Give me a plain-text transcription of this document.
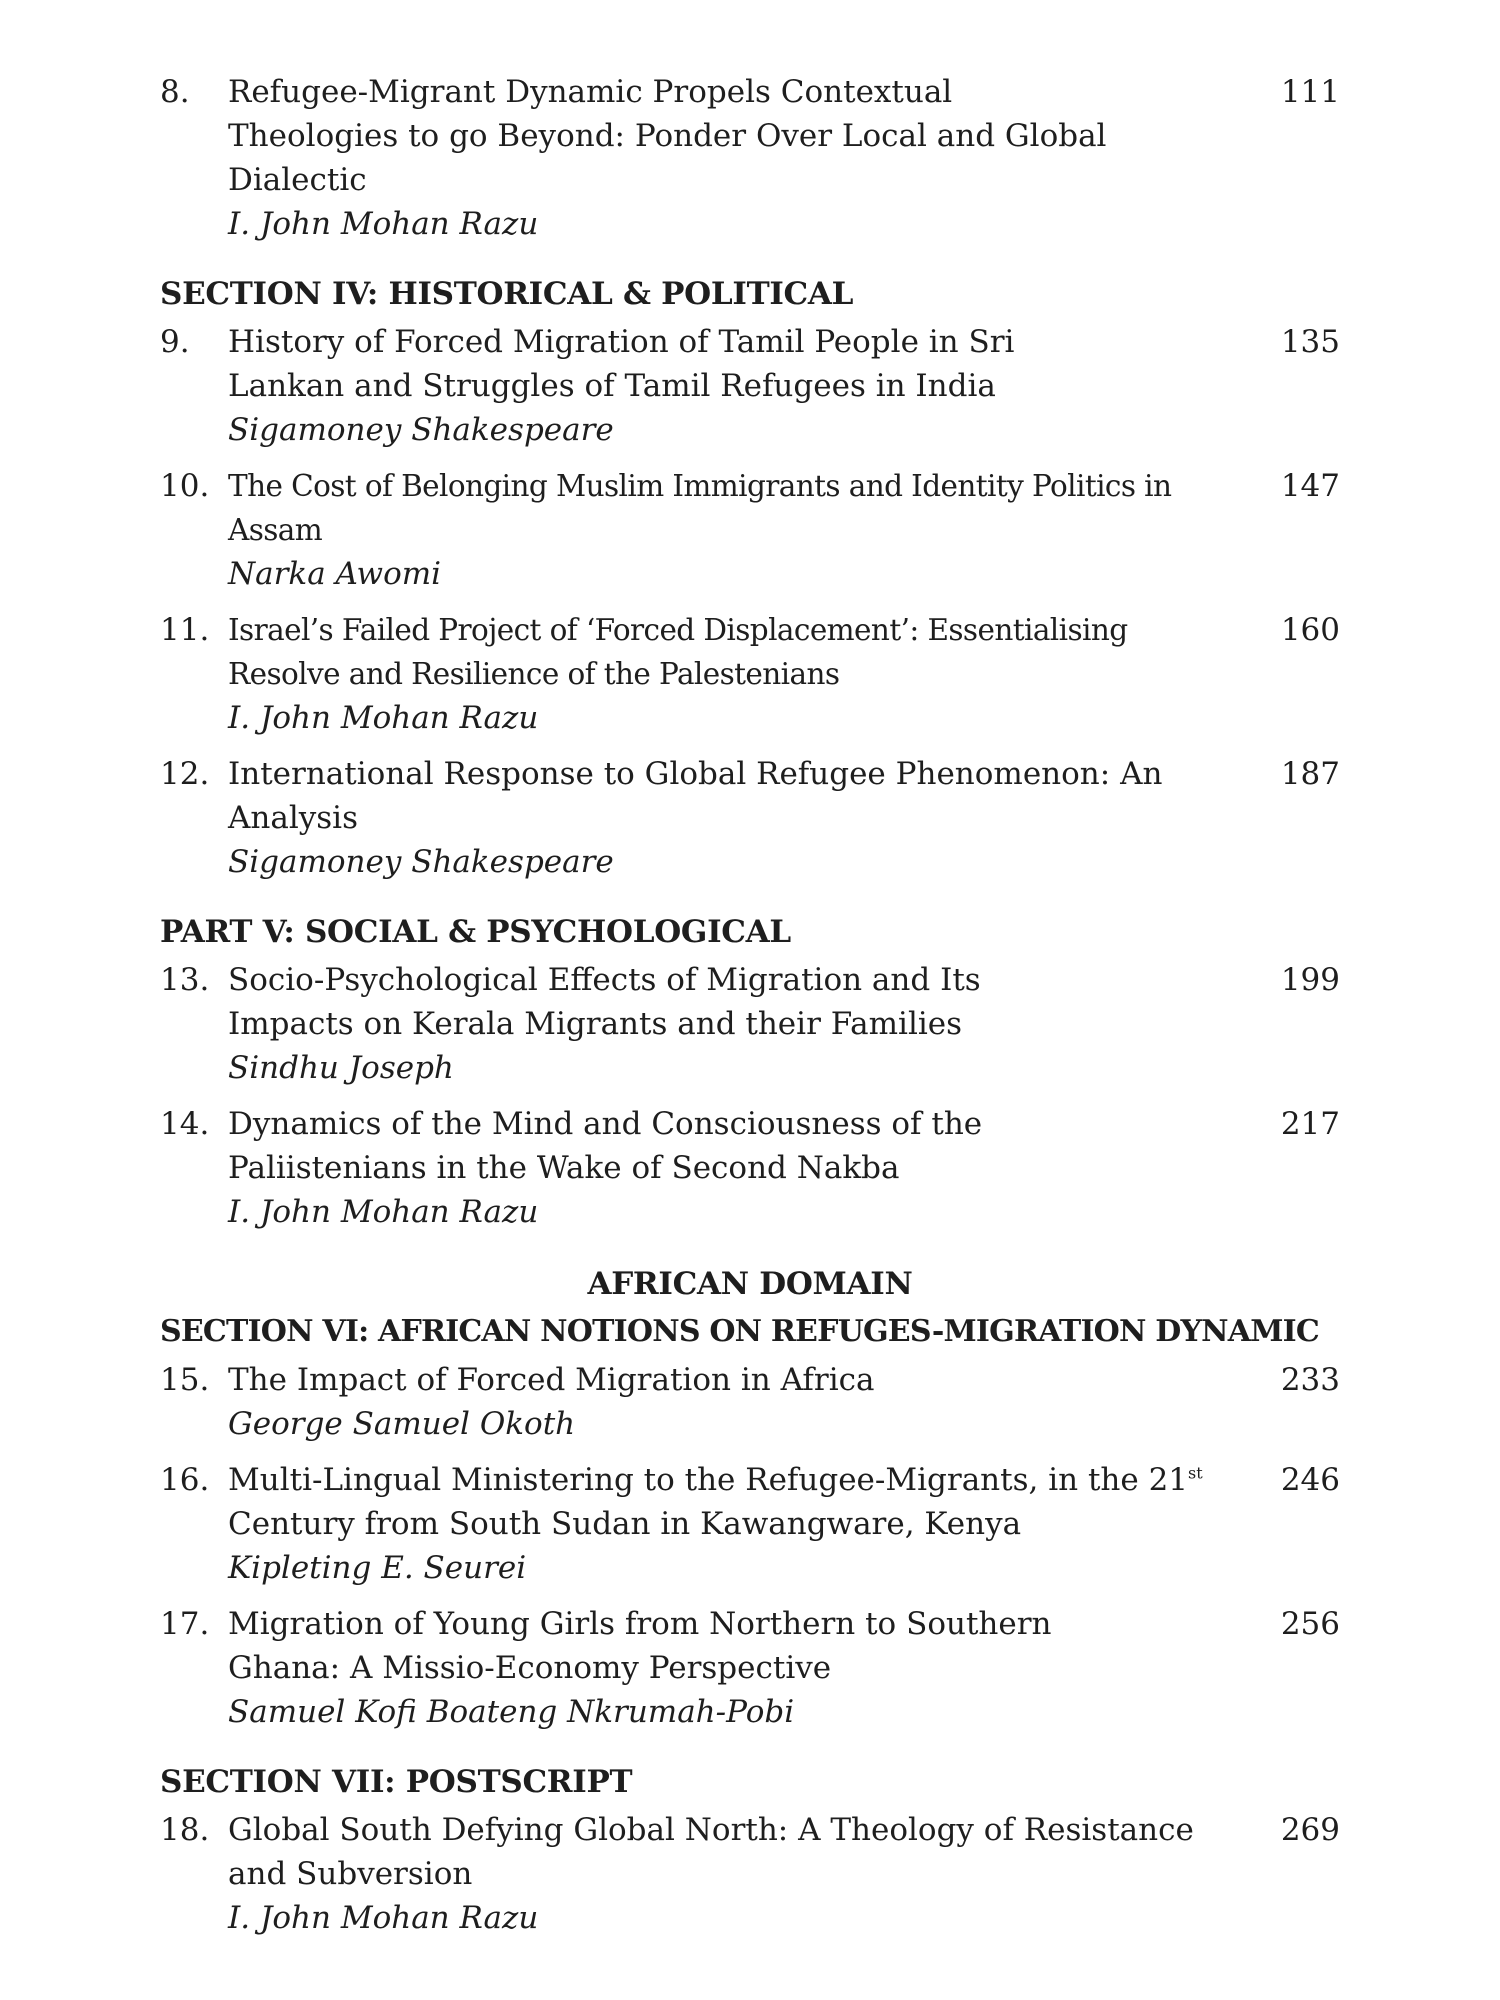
8. Refugee-Migrant Dynamic Propels Contextual Theologies to go Beyond: Ponder Over Local and Global Dialectic
I. John Mohan Razu
111
SECTION IV: HISTORICAL & POLITICAL
9. History of Forced Migration of Tamil People in Sri Lankan and Struggles of Tamil Refugees in India
Sigamoney Shakespeare
135
10. The Cost of Belonging Muslim Immigrants and Identity Politics in Assam
Narka Awomi
147
11. Israel’s Failed Project of ‘Forced Displacement’: Essentialising Resolve and Resilience of the Palestenians
I. John Mohan Razu
160
12. International Response to Global Refugee Phenomenon: An Analysis
Sigamoney Shakespeare
187
PART V: SOCIAL & PSYCHOLOGICAL
13. Socio-Psychological Effects of Migration and Its Impacts on Kerala Migrants and their Families
Sindhu Joseph
199
14. Dynamics of the Mind and Consciousness of the Paliistenians in the Wake of Second Nakba
I. John Mohan Razu
217
AFRICAN DOMAIN
SECTION VI: AFRICAN NOTIONS ON REFUGES-MIGRATION DYNAMIC
15. The Impact of Forced Migration in Africa
George Samuel Okoth
233
16. Multi-Lingual Ministering to the Refugee-Migrants, in the 21st Century from South Sudan in Kawangware, Kenya
Kipleting E. Seurei
246
17. Migration of Young Girls from Northern to Southern Ghana: A Missio-Economy Perspective
Samuel Kofi Boateng Nkrumah-Pobi
256
SECTION VII: POSTSCRIPT
18. Global South Defying Global North: A Theology of Resistance and Subversion
I. John Mohan Razu
269
